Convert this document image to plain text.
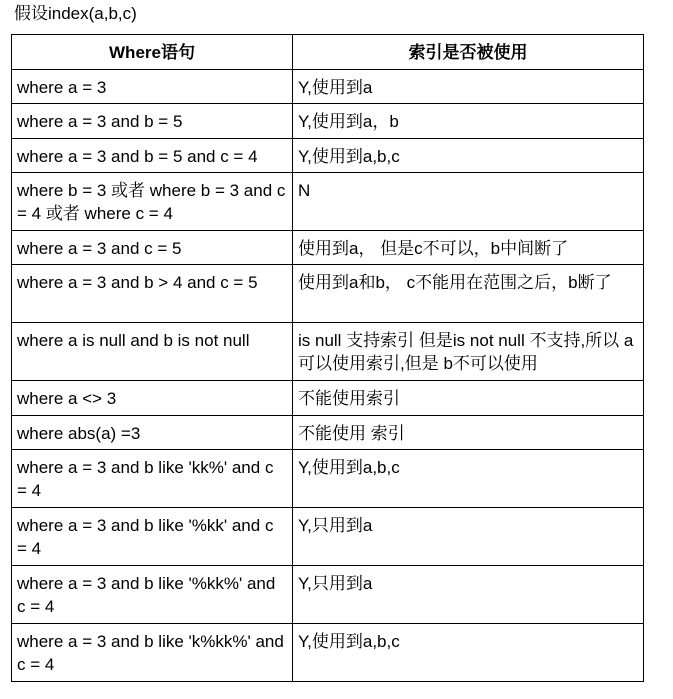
假设index(a,b,c)
Where语句	索引是否被使用

where a = 3	Y,使用到a

where a = 3 and b = 5	Y,使用到a，b

where a = 3 and b = 5 and c = 4	Y,使用到a,b,c

where b = 3 或者 where b = 3 and c = 4 或者 where c = 4	N

where a = 3 and c = 5	使用到a， 但是c不可以，b中间断了

where a = 3 and b > 4 and c = 5	使用到a和b， c不能用在范围之后，b断了

where a is null and b is not null	is null 支持索引 但是is not null 不支持,所以 a 可以使用索引,但是 b不可以使用

where a <> 3	不能使用索引

where abs(a) =3	不能使用 索引

where a = 3 and b like 'kk%' and c = 4	Y,使用到a,b,c

where a = 3 and b like '%kk' and c = 4	Y,只用到a

where a = 3 and b like '%kk%' and c = 4	Y,只用到a

where a = 3 and b like 'k%kk%' and c = 4	Y,使用到a,b,c
